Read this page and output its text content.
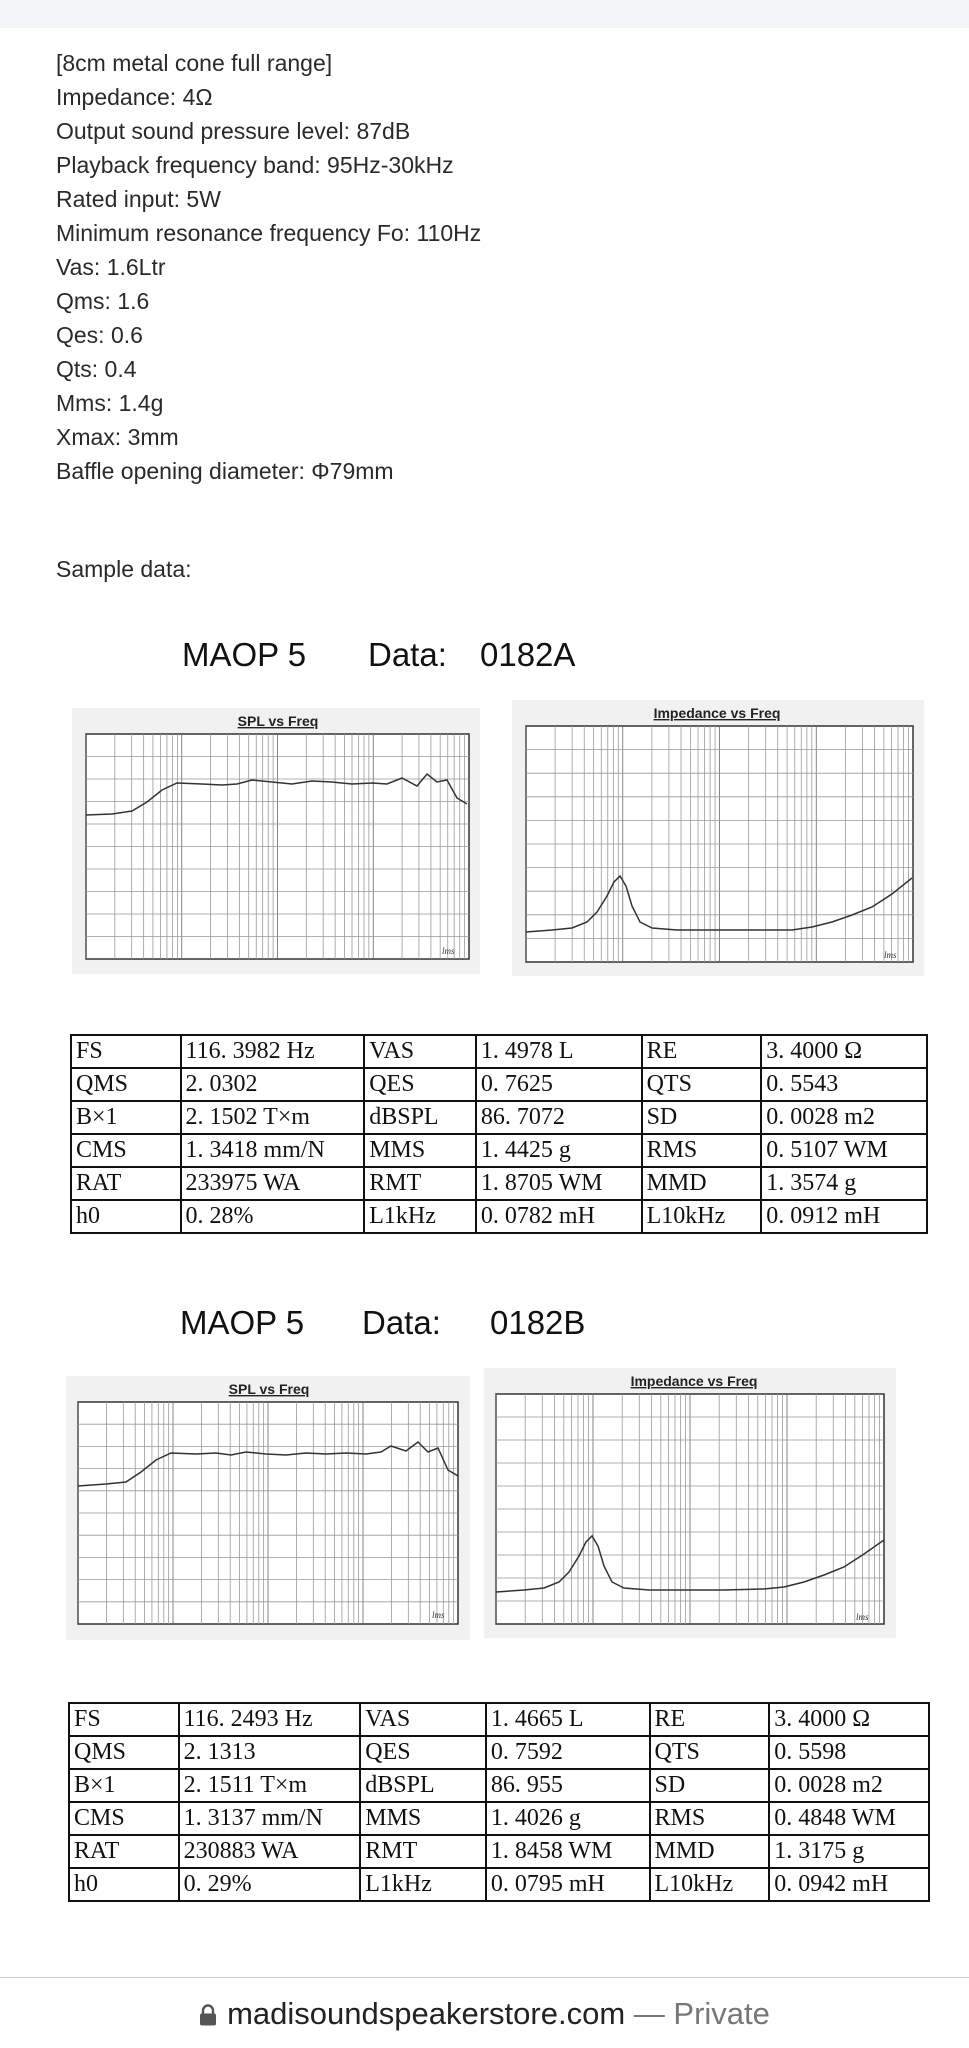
[8cm metal cone full range]
Impedance: 4Ω
Output sound pressure level: 87dB
Playback frequency band: 95Hz-30kHz
Rated input: 5W
Minimum resonance frequency Fo: 110Hz
Vas: 1.6Ltr
Qms: 1.6
Qes: 0.6
Qts: 0.4
Mms: 1.4g
Xmax: 3mm
Baffle opening diameter: Φ79mm
Sample data:
MAOP 5 Data: 0182A
SPL vs Freq
lms
Impedance vs Freq
lms
FS	116. 3982 Hz	VAS	1. 4978 L	RE	3. 4000 Ω
QMS	2. 0302	QES	0. 7625	QTS	0. 5543
B×1	2. 1502 T×m	dBSPL	86. 7072	SD	0. 0028 m2
CMS	1. 3418 mm/N	MMS	1. 4425 g	RMS	0. 5107 WM
RAT	233975 WA	RMT	1. 8705 WM	MMD	1. 3574 g
h0	0. 28%	L1kHz	0. 0782 mH	L10kHz	0. 0912 mH
MAOP 5 Data: 0182B
SPL vs Freq
lms
Impedance vs Freq
lms
FS	116. 2493 Hz	VAS	1. 4665 L	RE	3. 4000 Ω
QMS	2. 1313	QES	0. 7592	QTS	0. 5598
B×1	2. 1511 T×m	dBSPL	86. 955	SD	0. 0028 m2
CMS	1. 3137 mm/N	MMS	1. 4026 g	RMS	0. 4848 WM
RAT	230883 WA	RMT	1. 8458 WM	MMD	1. 3175 g
h0	0. 29%	L1kHz	0. 0795 mH	L10kHz	0. 0942 mH
madisoundspeakerstore.com — Private
